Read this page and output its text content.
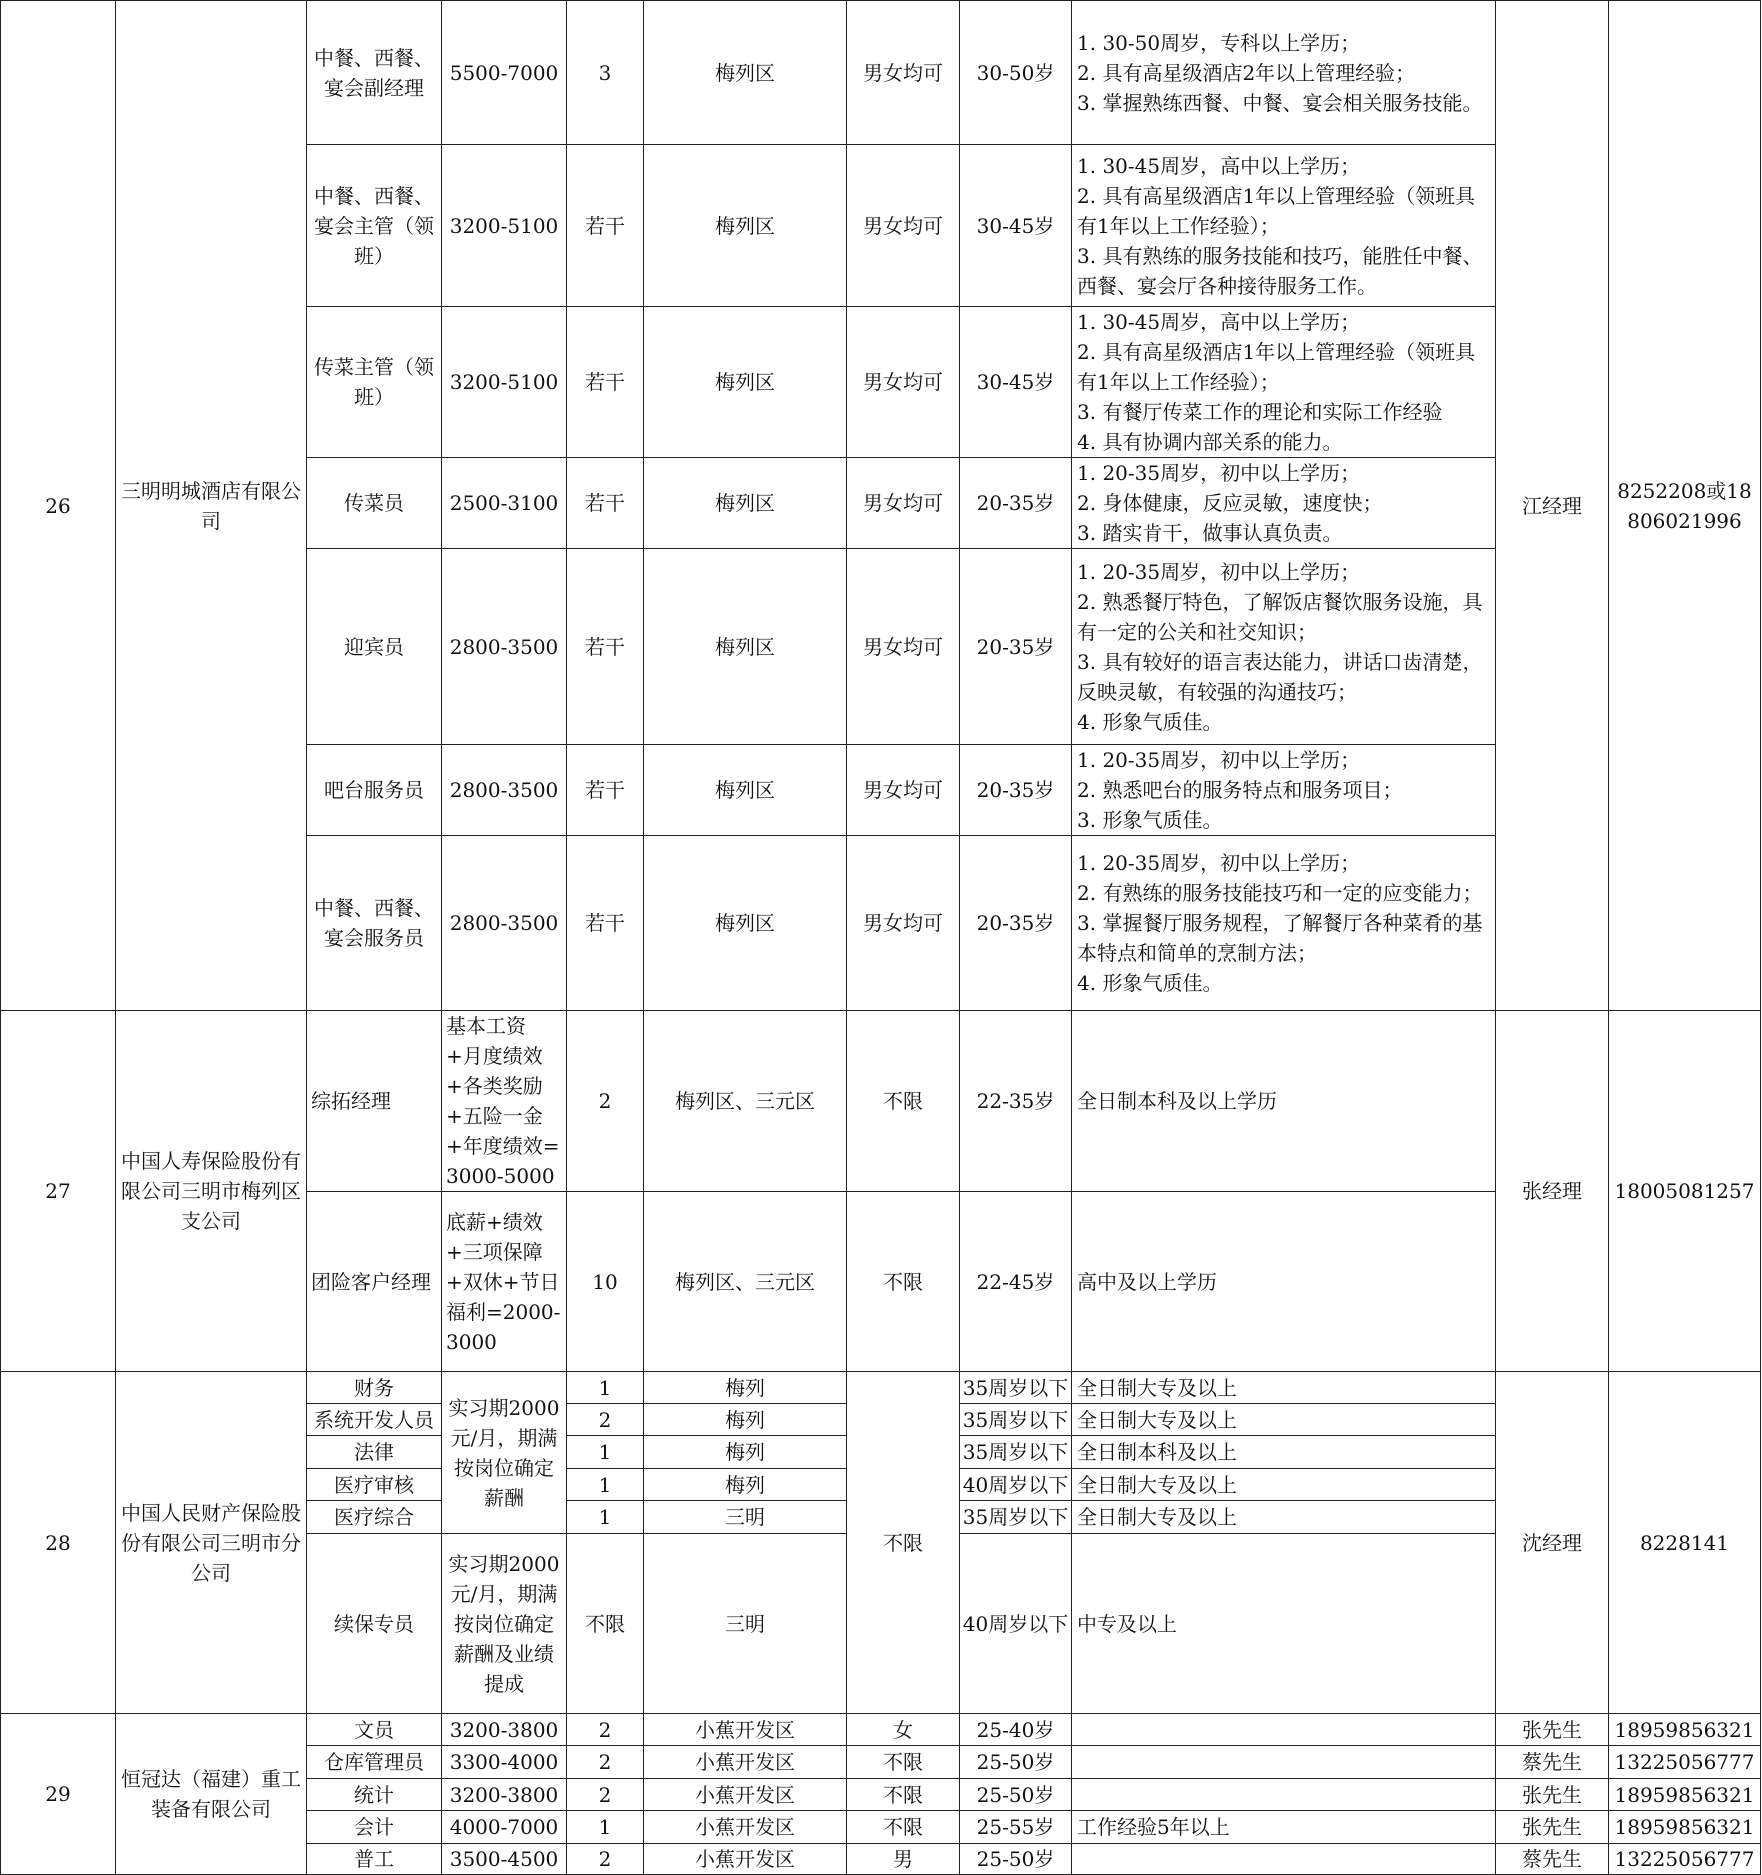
26	三明明城酒店有限公司	中餐、西餐、宴会副经理	5500-7000	3	梅列区	男女均可	30-50岁	1. 30-50周岁，专科以上学历；
2. 具有高星级酒店2年以上管理经验；
3. 掌握熟练西餐、中餐、宴会相关服务技能。	江经理	8252208或18806021996
		中餐、西餐、宴会主管（领班）	3200-5100	若干	梅列区	男女均可	30-45岁	1. 30-45周岁，高中以上学历；
2. 具有高星级酒店1年以上管理经验（领班具有1年以上工作经验）；
3. 具有熟练的服务技能和技巧，能胜任中餐、西餐、宴会厅各种接待服务工作。		

		传菜主管（领班）	3200-5100	若干	梅列区	男女均可	30-45岁	1. 30-45周岁，高中以上学历；
2. 具有高星级酒店1年以上管理经验（领班具有1年以上工作经验）；
3. 有餐厅传菜工作的理论和实际工作经验
4. 具有协调内部关系的能力。		

		传菜员	2500-3100	若干	梅列区	男女均可	20-35岁	1. 20-35周岁，初中以上学历；
2. 身体健康，反应灵敏，速度快；
3. 踏实肯干，做事认真负责。		

		迎宾员	2800-3500	若干	梅列区	男女均可	20-35岁	1. 20-35周岁，初中以上学历；
2. 熟悉餐厅特色，了解饭店餐饮服务设施，具有一定的公关和社交知识；
3. 具有较好的语言表达能力，讲话口齿清楚，反映灵敏，有较强的沟通技巧；
4. 形象气质佳。		

		吧台服务员	2800-3500	若干	梅列区	男女均可	20-35岁	1. 20-35周岁，初中以上学历；
2. 熟悉吧台的服务特点和服务项目；
3. 形象气质佳。		

		中餐、西餐、宴会服务员	2800-3500	若干	梅列区	男女均可	20-35岁	1. 20-35周岁，初中以上学历；
2. 有熟练的服务技能技巧和一定的应变能力；
3. 掌握餐厅服务规程，了解餐厅各种菜肴的基本特点和简单的烹制方法；
4. 形象气质佳。		

27	中国人寿保险股份有限公司三明市梅列区支公司	综拓经理	基本工资+月度绩效+各类奖励+五险一金+年度绩效=3000-5000	2	梅列区、三元区	不限	22-35岁	全日制本科及以上学历	张经理	18005081257
		团险客户经理	底薪+绩效+三项保障+双休+节日福利=2000-3000	10	梅列区、三元区	不限	22-45岁	高中及以上学历		
28	中国人民财产保险股份有限公司三明市分公司	财务	实习期2000元/月，期满按岗位确定薪酬	1	梅列	不限	35周岁以下	全日制大专及以上	沈经理	8228141
		系统开发人员		2	梅列		35周岁以下	全日制大专及以上		
		法律		1	梅列		35周岁以下	全日制本科及以上		
		医疗审核		1	梅列		40周岁以下	全日制大专及以上		
		医疗综合		1	三明		35周岁以下	全日制大专及以上		
		续保专员	实习期2000元/月，期满按岗位确定薪酬及业绩提成	不限	三明		40周岁以下	中专及以上		
29	恒冠达（福建）重工装备有限公司	文员	3200-3800	2	小蕉开发区	女	25-40岁		张先生	18959856321
		仓库管理员	3300-4000	2	小蕉开发区	不限	25-50岁		蔡先生	13225056777
		统计	3200-3800	2	小蕉开发区	不限	25-50岁		张先生	18959856321
		会计	4000-7000	1	小蕉开发区	不限	25-55岁	工作经验5年以上	张先生	18959856321
		普工	3500-4500	2	小蕉开发区	男	25-50岁		蔡先生	13225056777
